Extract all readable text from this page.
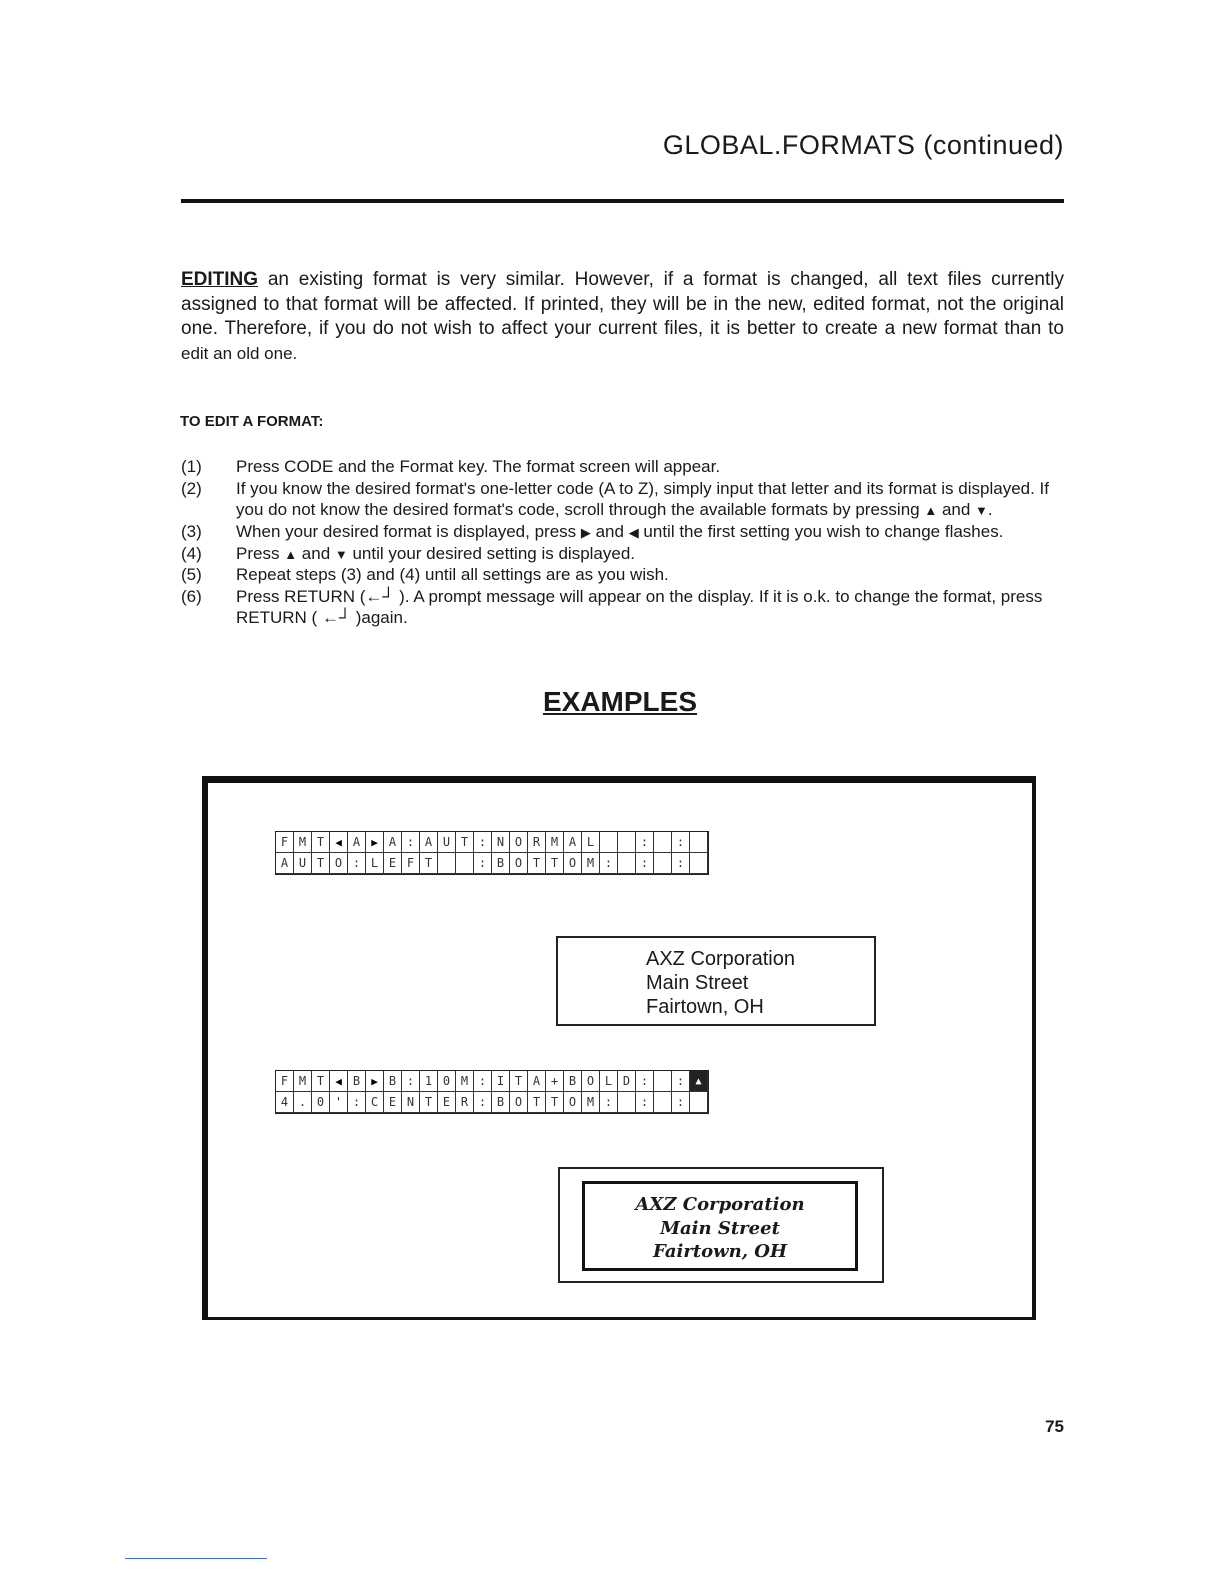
GLOBAL.FORMATS (continued)
EDITING an existing format is very similar. However, if a format is changed, all text files currently assigned to that format will be affected. If printed, they will be in the new, edited format, not the original one. Therefore, if you do not wish to affect your current files, it is better to create a new format than to edit an old one.
TO EDIT A FORMAT:
(1)	Press CODE and the Format key. The format screen will appear.
(2)	If you know the desired format's one-letter code (A to Z), simply input that letter and its format is displayed. If you do not know the desired format's code, scroll through the available formats by pressing ▲ and ▼.
(3)	When your desired format is displayed, press ▶ and ◀ until the first setting you wish to change flashes.
(4)	Press ▲ and ▼ until your desired setting is displayed.
(5)	Repeat steps (3) and (4) until all settings are as you wish.
(6)	Press RETURN (←┘ ). A prompt message will appear on the display. If it is o.k. to change the format, press RETURN ( ←┘ )again.
EXAMPLES
F M T	◀ A	▶ A : A U T : N O R M A L	:	:
A U T O : L E F T	: B O T T O M :	:	:
AXZ Corporation
Main Street
Fairtown, OH
F M T	◀ B	▶ B : 1 0 M : I T A + B O L D :	:	▲
4 . 0 ' : C E N T E R : B O T T O M :	:	:
AXZ Corporation
Main Street
Fairtown, OH
75
